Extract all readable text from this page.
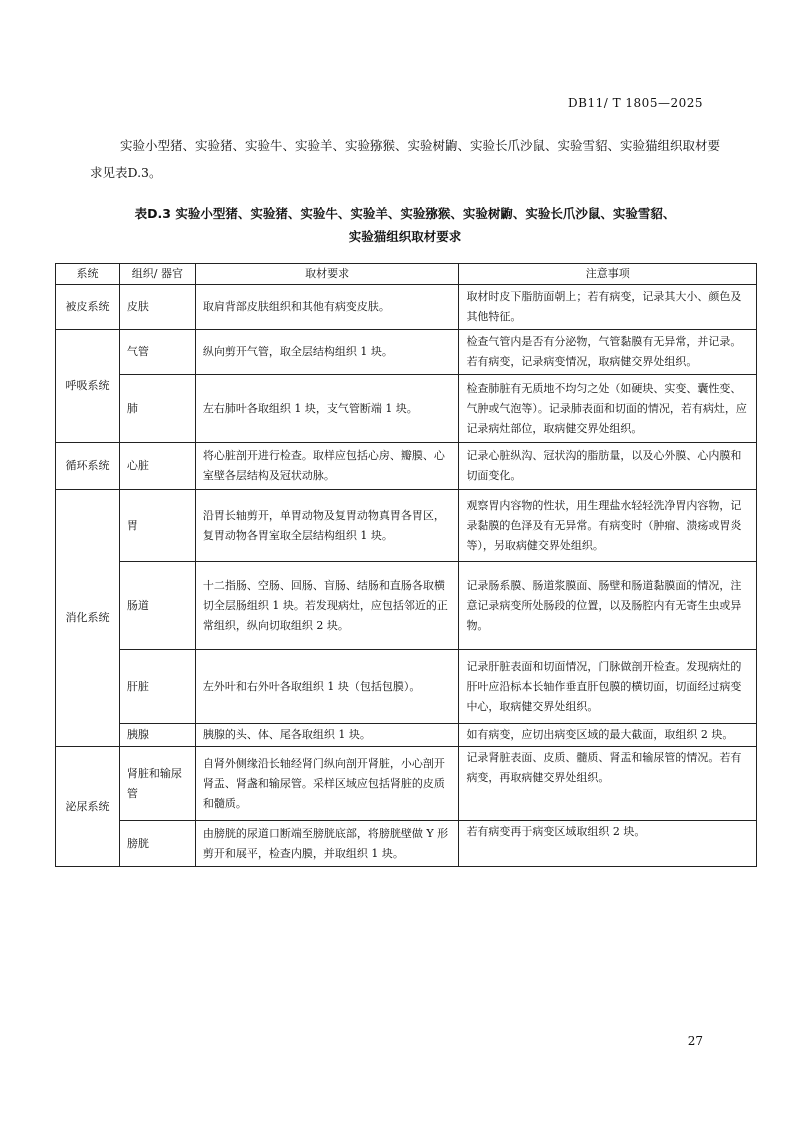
DB11/ T 1805—2025

实验小型猪、实验猪、实验牛、实验羊、实验猕猴、实验树鼩、实验长爪沙鼠、实验雪貂、实验猫组织取材要求见表D.3。

表D.3 实验小型猪、实验猪、实验牛、实验羊、实验猕猴、实验树鼩、实验长爪沙鼠、实验雪貂、
实验猫组织取材要求
系统	组织/ 器官	取材要求	注意事项
被皮系统	皮肤	取肩背部皮肤组织和其他有病变皮肤。	取材时皮下脂肪面朝上；若有病变，记录其大小、颜色及其他特征。
呼吸系统	气管	纵向剪开气管，取全层结构组织 1 块。	检查气管内是否有分泌物，气管黏膜有无异常，并记录。若有病变，记录病变情况，取病健交界处组织。
	肺	左右肺叶各取组织 1 块，支气管断端 1 块。	检查肺脏有无质地不均匀之处（如硬块、实变、囊性变、气肿或气泡等）。记录肺表面和切面的情况，若有病灶，应记录病灶部位，取病健交界处组织。
循环系统	心脏	将心脏剖开进行检查。取样应包括心房、瓣膜、心室壁各层结构及冠状动脉。	记录心脏纵沟、冠状沟的脂肪量，以及心外膜、心内膜和切面变化。
消化系统	胃	沿胃长轴剪开，单胃动物及复胃动物真胃各胃区，复胃动物各胃室取全层结构组织 1 块。	观察胃内容物的性状，用生理盐水轻轻洗净胃内容物，记录黏膜的色泽及有无异常。有病变时（肿瘤、溃疡或胃炎等），另取病健交界处组织。
	肠道	十二指肠、空肠、回肠、盲肠、结肠和直肠各取横切全层肠组织 1 块。若发现病灶，应包括邻近的正常组织，纵向切取组织 2 块。	记录肠系膜、肠道浆膜面、肠壁和肠道黏膜面的情况，注意记录病变所处肠段的位置，以及肠腔内有无寄生虫或异物。
	肝脏	左外叶和右外叶各取组织 1 块（包括包膜）。	记录肝脏表面和切面情况，门脉做剖开检查。发现病灶的肝叶应沿标本长轴作垂直肝包膜的横切面，切面经过病变中心，取病健交界处组织。
	胰腺	胰腺的头、体、尾各取组织 1 块。	如有病变，应切出病变区域的最大截面，取组织 2 块。
泌尿系统	肾脏和输尿管	自肾外侧缘沿长轴经肾门纵向剖开肾脏，小心剖开肾盂、肾盏和输尿管。采样区域应包括肾脏的皮质和髓质。	记录肾脏表面、皮质、髓质、肾盂和输尿管的情况。若有病变，再取病健交界处组织。
	膀胱	由膀胱的尿道口断端至膀胱底部，将膀胱壁做 Y 形剪开和展平，检查内膜，并取组织 1 块。	若有病变再于病变区域取组织 2 块。
27
